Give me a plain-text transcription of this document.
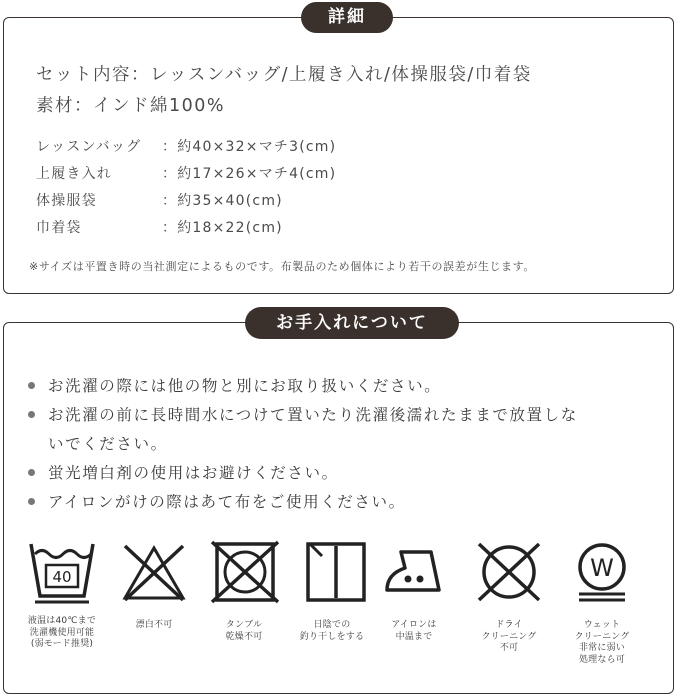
詳細
セット内容：レッスンバッグ/上履き入れ/体操服袋/巾着袋
素材：インド綿100%
レッスンバッグ ：約40×32×マチ3(cm)
上履き入れ	：約17×26×マチ4(cm)
体操服袋	：約35×40(cm)
巾着袋	：約18×22(cm)
※サイズは平置き時の当社測定によるものです。布製品のため個体により若干の誤差が生じます。
お手入れについて
お洗濯の際には他の物と別にお取り扱いください。
お洗濯の前に長時間水につけて置いたり洗濯後濡れたままで放置しな
いでください。
蛍光増白剤の使用はお避けください。
アイロンがけの際はあて布をご使用ください。
40
液温は40℃まで
洗濯機使用可能
(弱モード推奨)
漂白不可	タンブル
乾燥不可
日陰での
釣り干しをする
アイロンは
中温まで
ドライ
クリーニング
不可
W
ウェット
クリーニング
非常に弱い
処理なら可
